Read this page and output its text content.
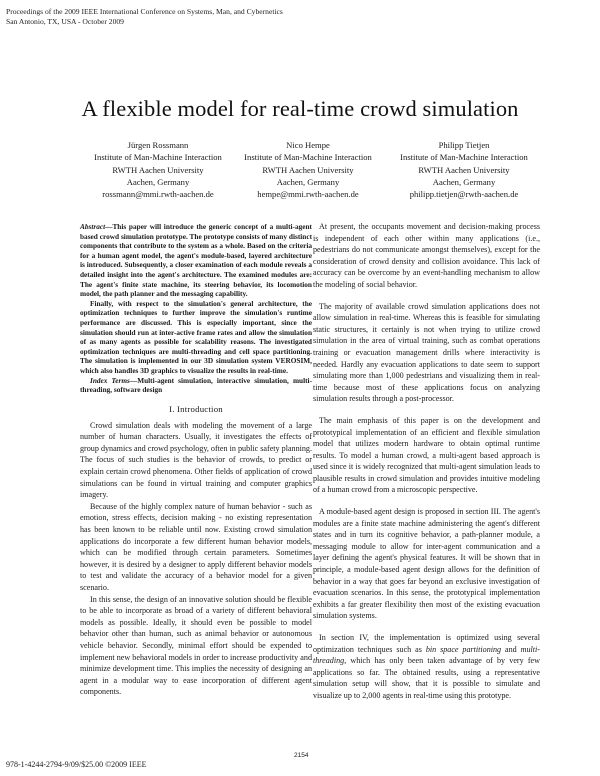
Proceedings of the 2009 IEEE International Conference on Systems, Man, and Cybernetics
San Antonio, TX, USA - October 2009
A flexible model for real-time crowd simulation
Jürgen Rossmann
Institute of Man-Machine Interaction
RWTH Aachen University
Aachen, Germany
rossmann@mmi.rwth-aachen.de
Nico Hempe
Institute of Man-Machine Interaction
RWTH Aachen University
Aachen, Germany
hempe@mmi.rwth-aachen.de
Philipp Tietjen
Institute of Man-Machine Interaction
RWTH Aachen University
Aachen, Germany
philipp.tietjen@rwth-aachen.de

Abstract—This paper will introduce the generic concept of a multi-agent based crowd simulation prototype. The prototype consists of many distinct components that contribute to the system as a whole. Based on the criteria for a human agent model, the agent's module-based, layered architecture is introduced. Subsequently, a closer examination of each module reveals a detailed insight into the agent's architecture. The examined modules are: The agent's finite state machine, its steering behavior, its locomotion model, the path planner and the messaging capability.

Finally, with respect to the simulation's general architecture, the optimization techniques to further improve the simulation's runtime performance are discussed. This is especially important, since the simulation should run at inter-active frame rates and allow the simulation of as many agents as possible for scalability reasons. The investigated optimization techniques are multi-threading and cell space partitioning. The simulation is implemented in our 3D simulation system VEROSIM, which also handles 3D graphics to visualize the results in real-time.

Index Terms—Multi-agent simulation, interactive simulation, multi-threading, software design

I. Introduction

Crowd simulation deals with modeling the movement of a large number of human characters. Usually, it investigates the effects of group dynamics and crowd psychology, often in public safety planning. The focus of such studies is the behavior of crowds, to predict or explain certain crowd phenomena. Other fields of application of crowd simulations can be found in virtual training and computer graphics imagery.

Because of the highly complex nature of human behavior - such as emotion, stress effects, decision making - no existing representation has been known to be reliable until now. Existing crowd simulation applications do incorporate a few different human behavior models, which can be modified through certain parameters. Sometimes however, it is desired by a designer to apply different behavior models to test and validate the accuracy of a behavior model for a given scenario.

In this sense, the design of an innovative solution should be flexible to be able to incorporate as broad of a variety of different behavioral models as possible. Ideally, it should even be possible to model behavior other than human, such as animal behavior or autonomous vehicle behavior. Secondly, minimal effort should be expended to implement new behavioral models in order to increase productivity and minimize development time. This implies the necessity of designing an agent in a modular way to ease incorporation of different agent components.

At present, the occupants movement and decision-making process is independent of each other within many applications (i.e., pedestrians do not communicate amongst themselves), except for the consideration of crowd density and collision avoidance. This lack of accuracy can be overcome by an event-handling mechanism to allow the modeling of social behavior.

The majority of available crowd simulation applications does not allow simulation in real-time. Whereas this is feasible for simulating static structures, it certainly is not when trying to utilize crowd simulation in the area of virtual training, such as combat operations training or evacuation management drills where interactivity is needed. Hardly any evacuation applications to date seem to support simulating more than 1,000 pedestrians and visualizing them in real-time because most of these applications focus on analyzing simulation results through a post-processor.

The main emphasis of this paper is on the development and prototypical implementation of an efficient and flexible simulation model that utilizes modern hardware to obtain optimal runtime results. To model a human crowd, a multi-agent based approach is used since it is widely recognized that multi-agent simulation leads to plausible results in crowd simulation and provides intuitive modeling of a human crowd from a microscopic perspective.

A module-based agent design is proposed in section III. The agent's modules are a finite state machine administering the agent's different states and in turn its cognitive behavior, a path-planner module, a messaging module to allow for inter-agent communication and a layer defining the agent's physical features. It will be shown that in principle, a module-based agent design allows for the definition of behavior in a way that goes far beyond an exclusive investigation of evacuation scenarios. In this sense, the prototypical implementation exhibits a far greater flexibility then most of the existing evacuation simulation systems.

In section IV, the implementation is optimized using several optimization techniques such as bin space partitioning and multi-threading, which has only been taken advantage of by very few applications so far. The obtained results, using a representative simulation setup will show, that it is possible to simulate and visualize up to 2,000 agents in real-time using this prototype.

2154
978-1-4244-2794-9/09/$25.00 ©2009 IEEE
